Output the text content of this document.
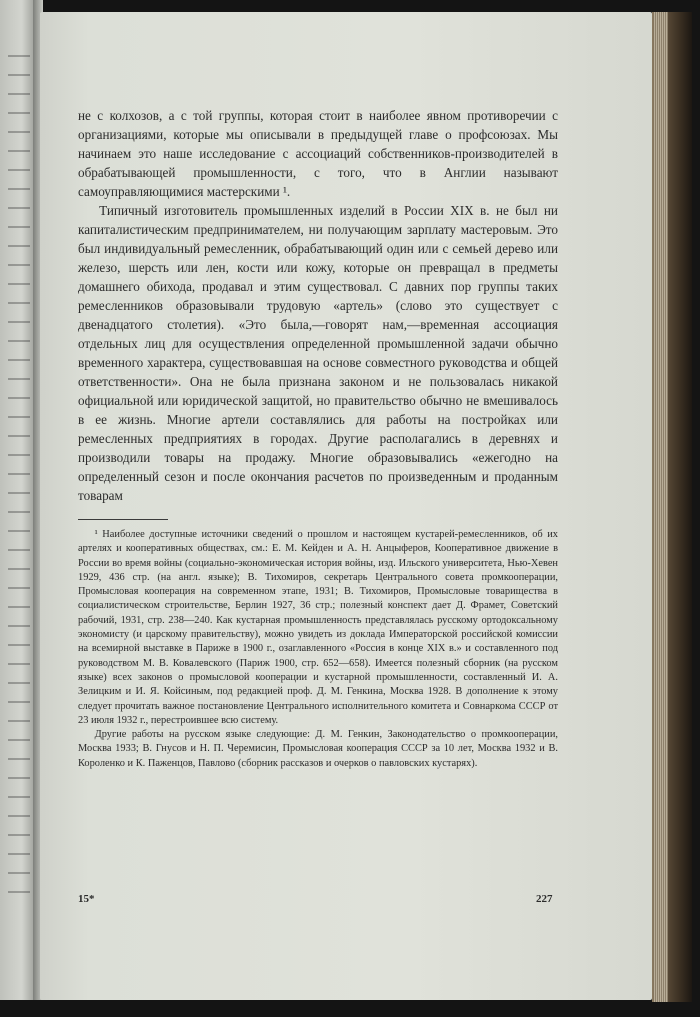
не с колхозов, а с той группы, которая стоит в наиболее явном противоречии с организациями, которые мы описывали в предыдущей главе о профсоюзах. Мы начинаем это наше исследование с ассоциаций собственников-производителей в обрабатывающей промышленности, с того, что в Англии называют самоуправляющимися мастерскими ¹.

Типичный изготовитель промышленных изделий в России XIX в. не был ни капиталистическим предпринимателем, ни получающим зарплату мастеровым. Это был индивидуальный ремесленник, обрабатывающий один или с семьей дерево или железо, шерсть или лен, кости или кожу, которые он превращал в предметы домашнего обихода, продавал и этим существовал. С давних пор группы таких ремесленников образовывали трудовую «артель» (слово это существует с двенадцатого столетия). «Это была,—говорят нам,—временная ассоциация отдельных лиц для осуществления определенной промышленной задачи обычно временного характера, существовавшая на основе совместного руководства и общей ответственности». Она не была признана законом и не пользовалась никакой официальной или юридической защитой, но правительство обычно не вмешивалось в ее жизнь. Многие артели составлялись для работы на постройках или ремесленных предприятиях в городах. Другие располагались в деревнях и производили товары на продажу. Многие образовывались «ежегодно на определенный сезон и после окончания расчетов по произведенным и проданным товарам

¹ Наиболее доступные источники сведений о прошлом и настоящем кустарей-ремесленников, об их артелях и кооперативных обществах, см.: Е. М. Кейден и А. Н. Анцыферов, Кооперативное движение в России во время войны (социально-экономическая история войны, изд. Ильского университета, Нью-Хевен 1929, 436 стр. (на англ. языке); В. Тихомиров, секретарь Центрального совета промкооперации, Промысловая кооперация на современном этапе, 1931; В. Тихомиров, Промысловые товарищества в социалистическом строительстве, Берлин 1927, 36 стр.; полезный конспект дает Д. Фрамет, Советский рабочий, 1931, стр. 238—240. Как кустарная промышленность представлялась русскому ортодоксальному экономисту (и царскому правительству), можно увидеть из доклада Императорской российской комиссии на всемирной выставке в Париже в 1900 г., озаглавленного «Россия в конце XIX в.» и составленного под руководством М. В. Ковалевского (Париж 1900, стр. 652—658). Имеется полезный сборник (на русском языке) всех законов о промысловой кооперации и кустарной промышленности, составленный И. А. Зелицким и И. Я. Койсиным, под редакцией проф. Д. М. Генкина, Москва 1928. В дополнение к этому следует прочитать важное постановление Центрального исполнительного комитета и Совнаркома СССР от 23 июля 1932 г., перестроившее всю систему.

Другие работы на русском языке следующие: Д. М. Генкин, Законодательство о промкооперации, Москва 1933; В. Гнусов и Н. П. Черемисин, Промысловая кооперация СССР за 10 лет, Москва 1932 и В. Короленко и К. Паженцов, Павлово (сборник рассказов и очерков о павловских кустарях).

15*	227
